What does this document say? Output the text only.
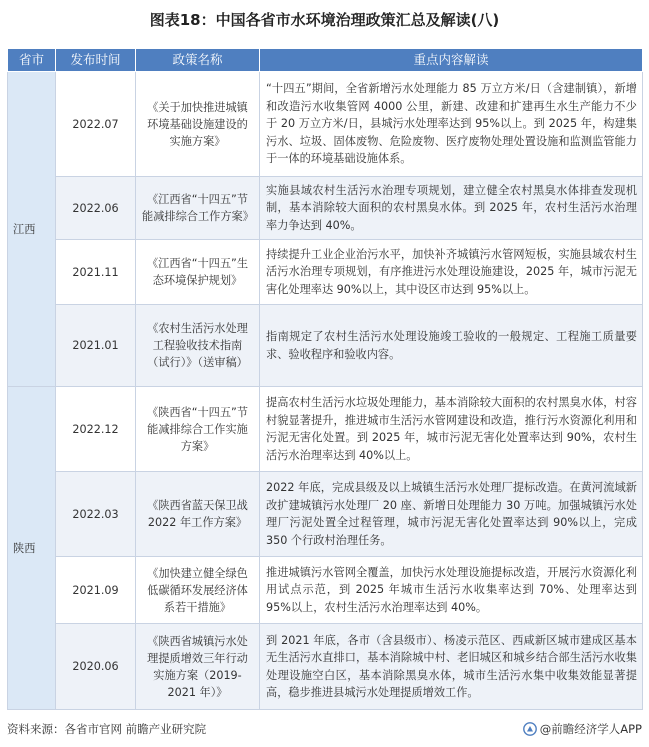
图表18：中国各省市水环境治理政策汇总及解读(八)
省市	发布时间	政策名称	重点内容解读
江西	2022.07	《关于加快推进城镇环境基础设施建设的实施方案》	“十四五”期间，全省新增污水处理能力 85 万立方米/日（含建制镇），新增和改造污水收集管网 4000 公里，新建、改建和扩建再生水生产能力不少于 20 万立方米/日，县城污水处理率达到 95%以上。到 2025 年，构建集污水、垃圾、固体废物、危险废物、医疗废物处理处置设施和监测监管能力于一体的环境基础设施体系。
	2022.06	《江西省“十四五”节能减排综合工作方案》	实施县域农村生活污水治理专项规划，建立健全农村黑臭水体排查发现机制，基本消除较大面积的农村黑臭水体。到 2025 年，农村生活污水治理率力争达到 40%。
	2021.11	《江西省“十四五”生态环境保护规划》	持续提升工业企业治污水平，加快补齐城镇污水管网短板，实施县域农村生活污水治理专项规划，有序推进污水处理设施建设，2025 年，城市污泥无害化处理率达 90%以上，其中设区市达到 95%以上。
	2021.01	《农村生活污水处理工程验收技术指南（试行）》（送审稿）	指南规定了农村生活污水处理设施竣工验收的一般规定、工程施工质量要求、验收程序和验收内容。
陕西	2022.12	《陕西省“十四五”节能减排综合工作实施方案》	提高农村生活污水垃圾处理能力，基本消除较大面积的农村黑臭水体，村容村貌显著提升，推进城市生活污水管网建设和改造，推行污水资源化利用和污泥无害化处置。到 2025 年，城市污泥无害化处置率达到 90%，农村生活污水治理率达到 40%以上。
	2022.03	《陕西省蓝天保卫战 2022 年工作方案》	2022 年底，完成县级及以上城镇生活污水处理厂提标改造。在黄河流域新改扩建城镇污水处理厂 20 座、新增日处理能力 30 万吨。加强城镇污水处理厂污泥处置全过程管理，城市污泥无害化处置率达到 90%以上，完成 350 个行政村治理任务。
	2021.09	《加快建立健全绿色低碳循环发展经济体系若干措施》	推进城镇污水管网全覆盖，加快污水处理设施提标改造，开展污水资源化利用试点示范，到 2025 年城市生活污水收集率达到 70%、处理率达到 95%以上，农村生活污水治理率达到 40%。
	2020.06	《陕西省城镇污水处理提质增效三年行动实施方案（2019-2021 年）》	到 2021 年底，各市（含县级市）、杨凌示范区、西咸新区城市建成区基本无生活污水直排口，基本消除城中村、老旧城区和城乡结合部生活污水收集处理设施空白区，基本消除黑臭水体，城市生活污水集中收集效能显著提高，稳步推进县城污水处理提质增效工作。
资料来源：各省市官网 前瞻产业研究院	@前瞻经济学人APP
